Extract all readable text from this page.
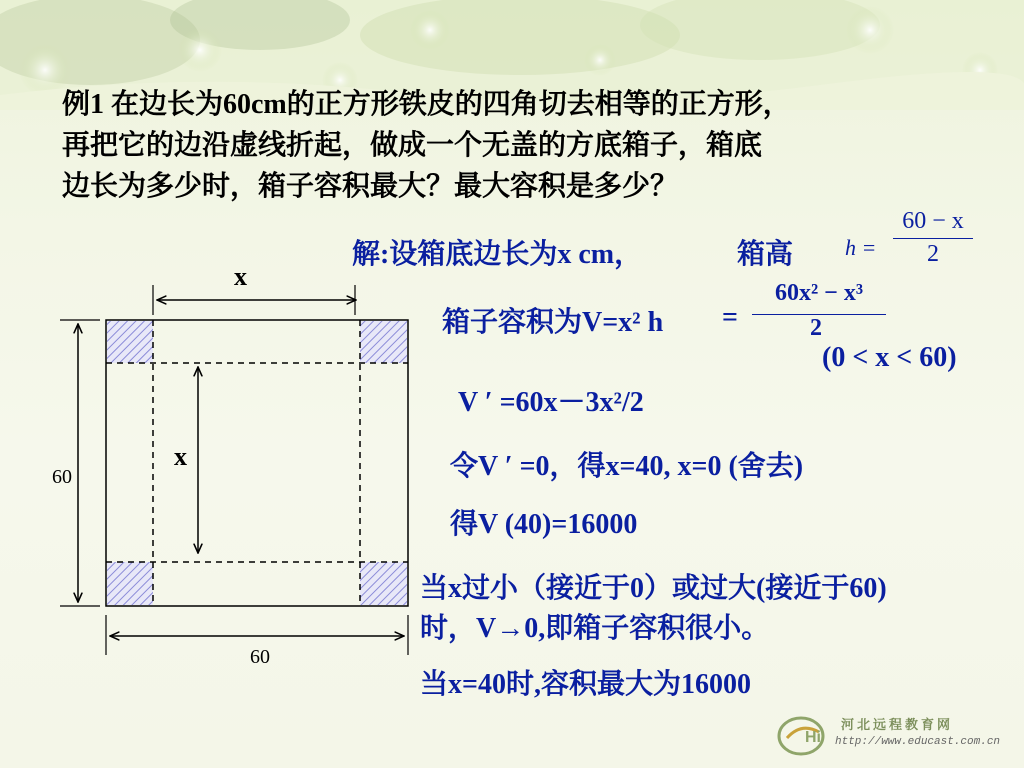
例1 在边长为60cm的正方形铁皮的四角切去相等的正方形，
再把它的边沿虚线折起，做成一个无盖的方底箱子，箱底
边长为多少时，箱子容积最大？最大容积是多少？
x
x
60
60
解:设箱底边长为x cm，	箱高 $h = \frac{60 - x}{2}$
箱子容积为V=x² $h = \frac{\text{60x² − x³}}{2}$
(0 < x < 60)
V ′ =60x－3x²/2
令V ′ =0，得x=40, x=0 (舍去)
得V (40)=16000
当x过小（接近于0）或过大(接近于60)
时，V→0,即箱子容积很小。
当x=40时,容积最大为16000
Hi
河北远程教育网
http://www.educast.com.cn
